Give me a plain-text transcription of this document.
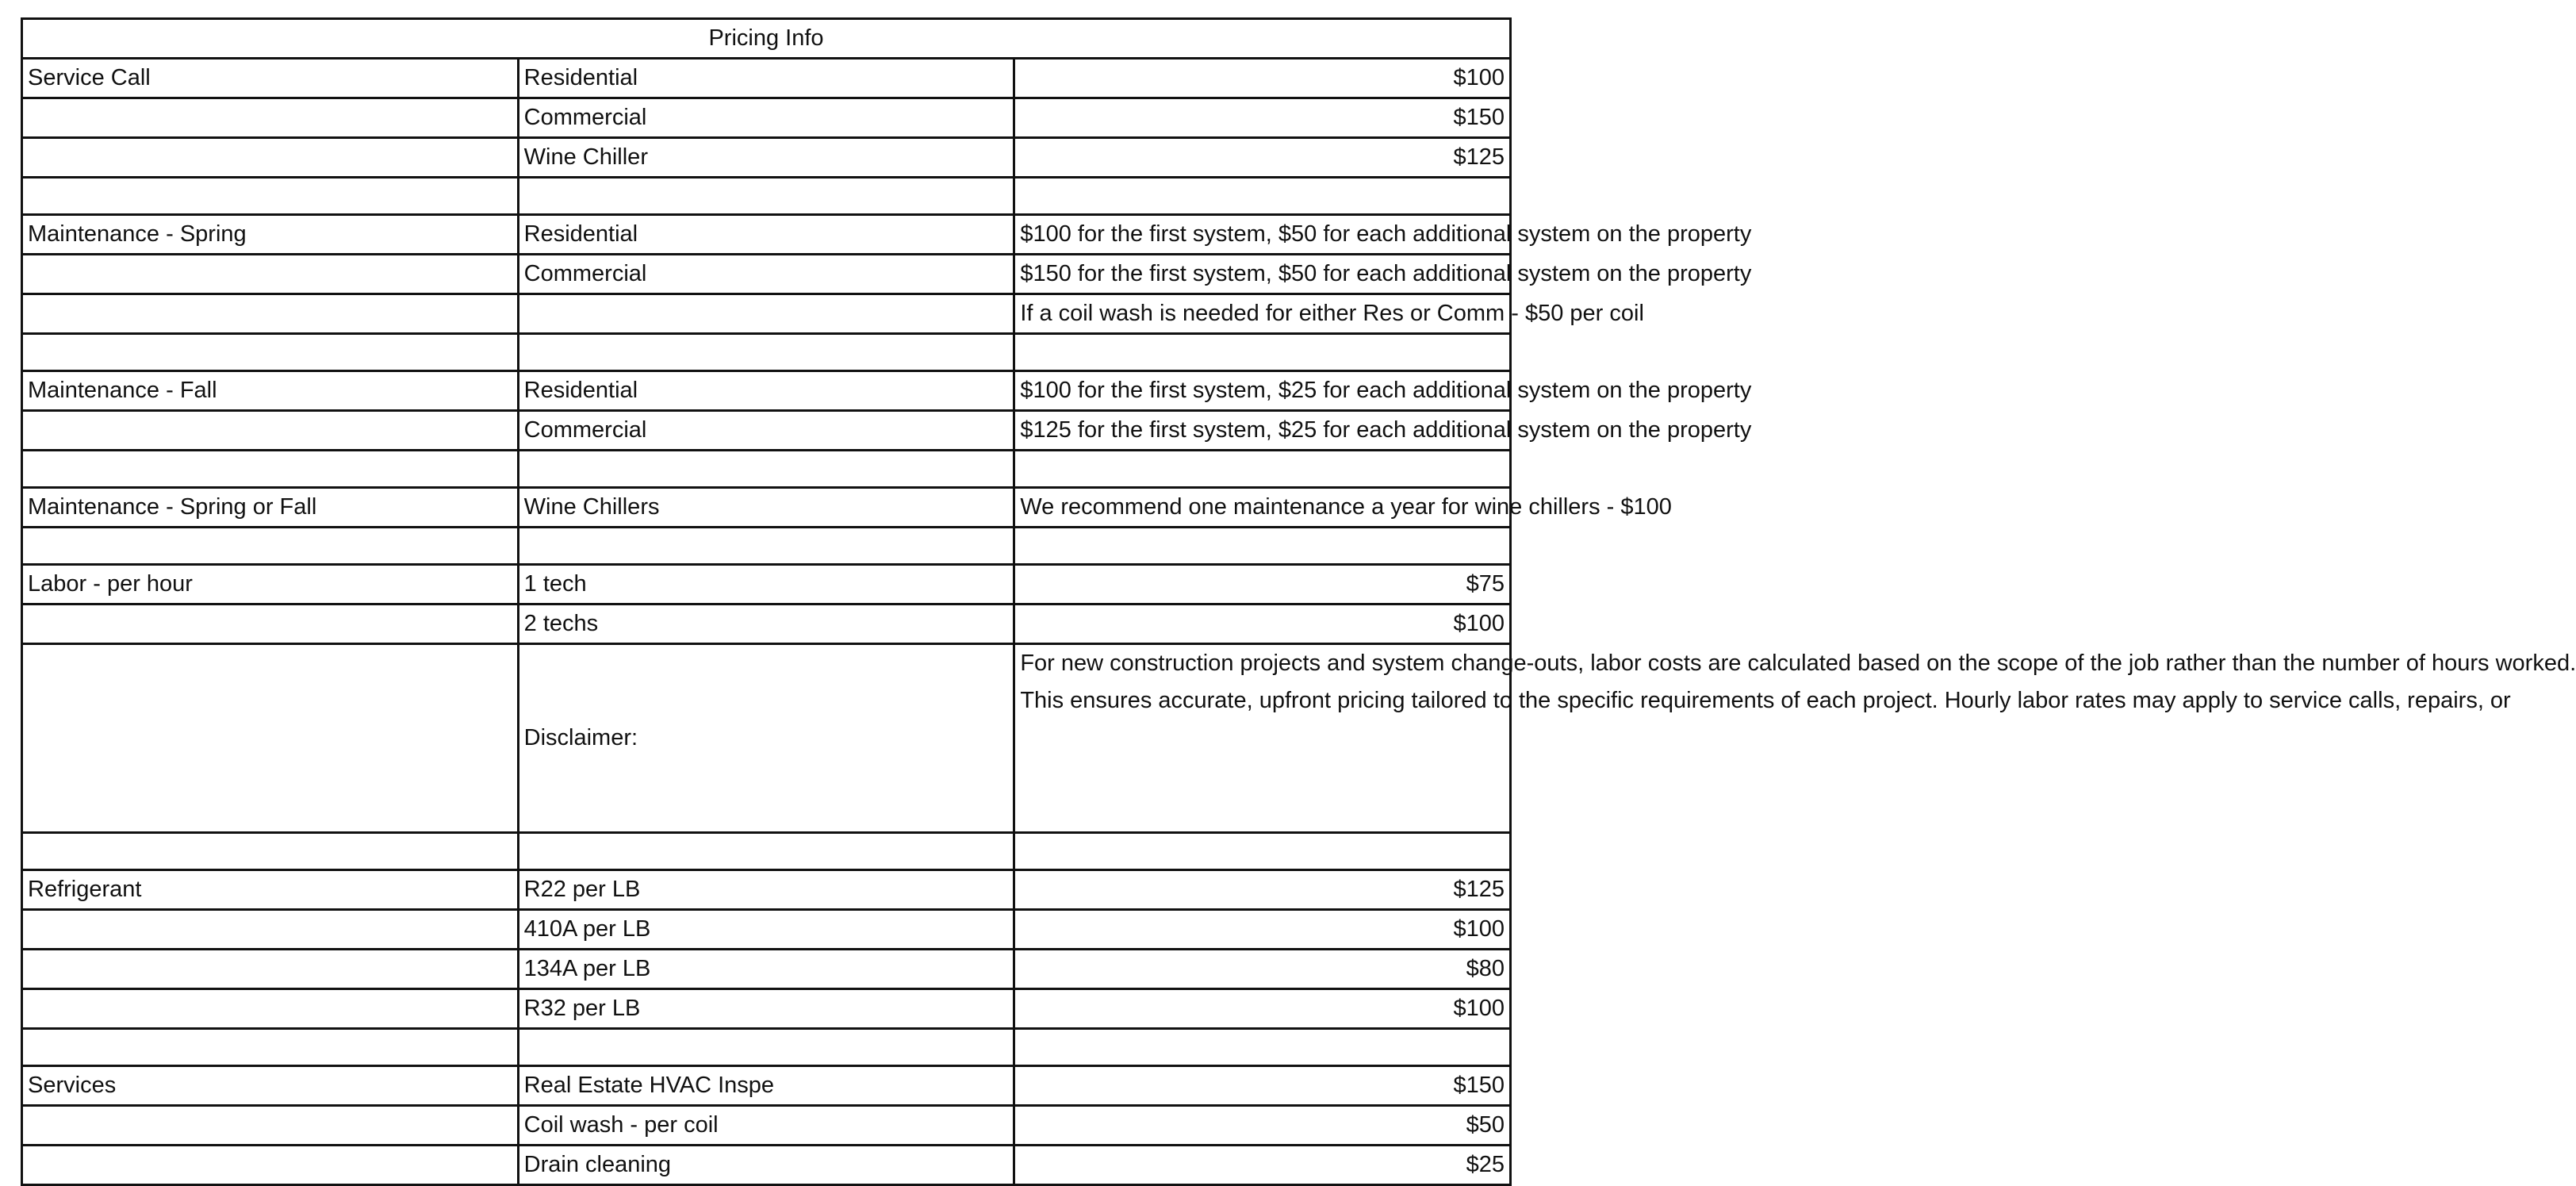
Pricing Info		
Service Call	Residential	$100
	Commercial	$150
	Wine Chiller	$125

Maintenance - Spring	Residential	$100 for the first system, $50 for each additional system on the property
	Commercial	$150 for the first system, $50 for each additional system on the property
		If a coil wash is needed for either Res or Comm - $50 per coil

Maintenance - Fall	Residential	$100 for the first system, $25 for each additional system on the property
	Commercial	$125 for the first system, $25 for each additional system on the property

Maintenance - Spring or Fall	Wine Chillers	We recommend one maintenance a year for wine chillers - $100

Labor - per hour	1 tech	$75
	2 techs	$100
	Disclaimer:	For new construction projects and system change-outs, labor costs are calculated based on the scope of the job rather than the number of hours worked.
This ensures accurate, upfront pricing tailored to the specific requirements of each project. Hourly labor rates may apply to service calls, repairs, or

Refrigerant	R22 per LB	$125
	410A per LB	$100
	134A per LB	$80
	R32 per LB	$100

Services	Real Estate HVAC Inspe	$150
	Coil wash - per coil	$50
	Drain cleaning	$25
